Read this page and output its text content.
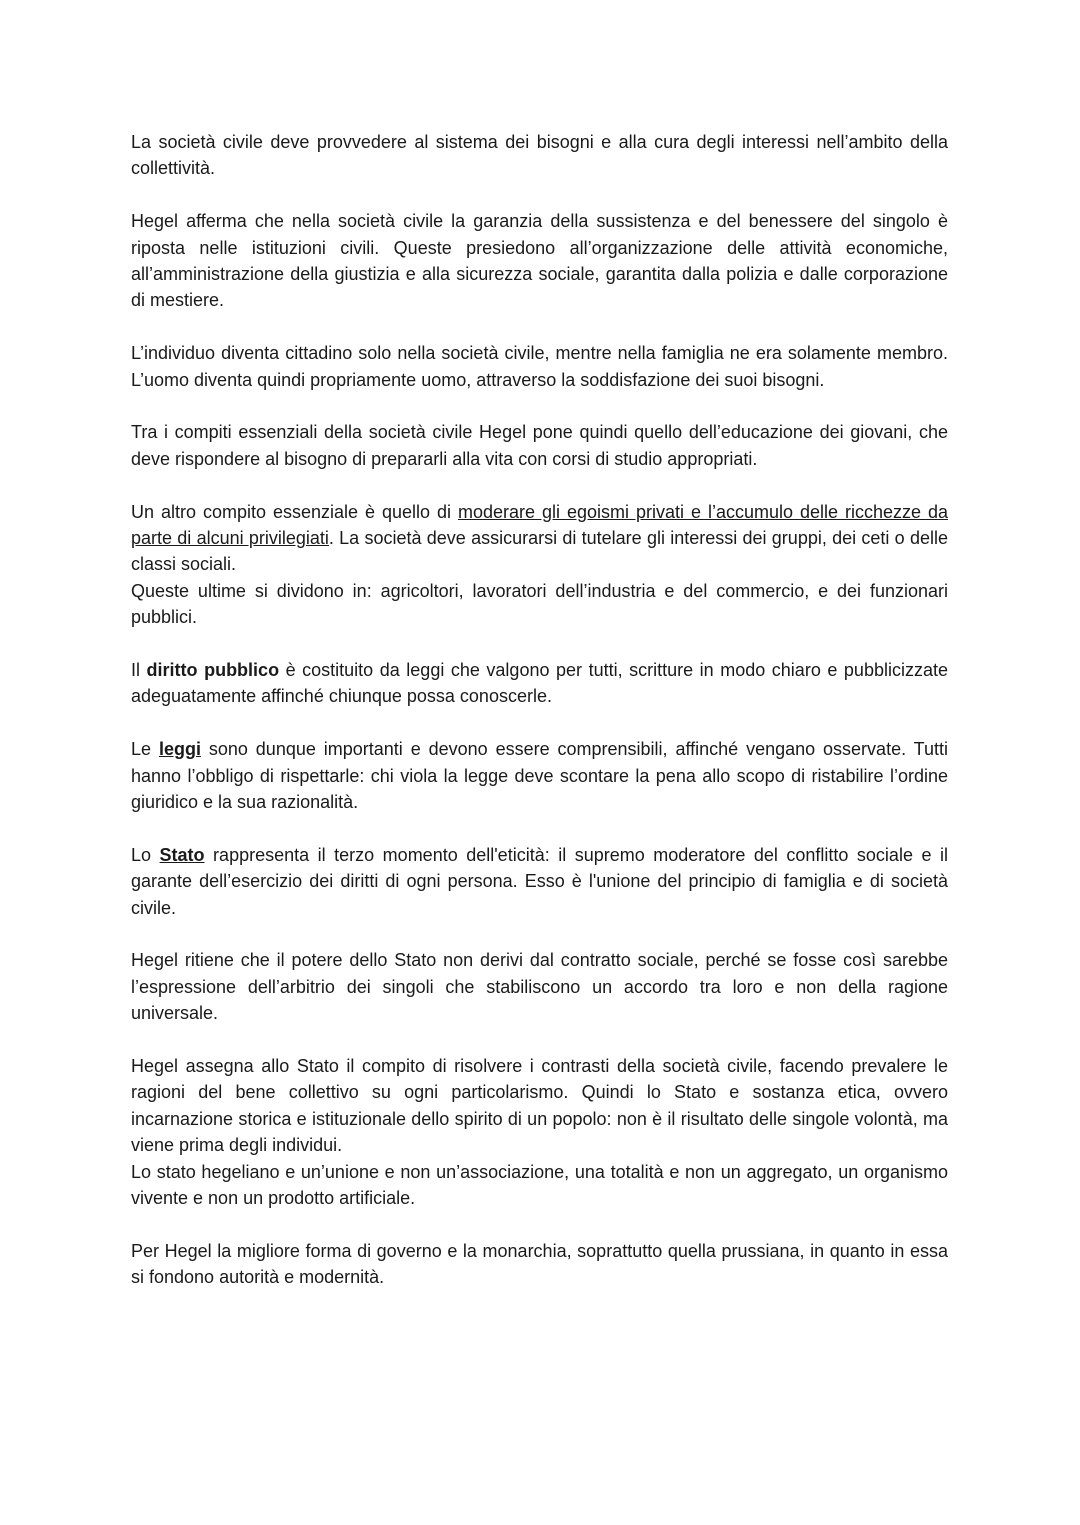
La società civile deve provvedere al sistema dei bisogni e alla cura degli interessi nell’ambito della collettività.

Hegel afferma che nella società civile la garanzia della sussistenza e del benessere del singolo è riposta nelle istituzioni civili. Queste presiedono all’organizzazione delle attività economiche, all’amministrazione della giustizia e alla sicurezza sociale, garantita dalla polizia e dalle corporazione di mestiere.

L’individuo diventa cittadino solo nella società civile, mentre nella famiglia ne era solamente membro. L’uomo diventa quindi propriamente uomo, attraverso la soddisfazione dei suoi bisogni.

Tra i compiti essenziali della società civile Hegel pone quindi quello dell’educazione dei giovani, che deve rispondere al bisogno di prepararli alla vita con corsi di studio appropriati.

Un altro compito essenziale è quello di moderare gli egoismi privati e l’accumulo delle ricchezze da parte di alcuni privilegiati. La società deve assicurarsi di tutelare gli interessi dei gruppi, dei ceti o delle classi sociali.

Queste ultime si dividono in: agricoltori, lavoratori dell’industria e del commercio, e dei funzionari pubblici.

Il diritto pubblico è costituito da leggi che valgono per tutti, scritture in modo chiaro e pubblicizzate adeguatamente affinché chiunque possa conoscerle.

Le leggi sono dunque importanti e devono essere comprensibili, affinché vengano osservate. Tutti hanno l’obbligo di rispettarle: chi viola la legge deve scontare la pena allo scopo di ristabilire l’ordine giuridico e la sua razionalità.

Lo Stato rappresenta il terzo momento dell'eticità: il supremo moderatore del conflitto sociale e il garante dell’esercizio dei diritti di ogni persona. Esso è l'unione del principio di famiglia e di società civile.

Hegel ritiene che il potere dello Stato non derivi dal contratto sociale, perché se fosse così sarebbe l’espressione dell’arbitrio dei singoli che stabiliscono un accordo tra loro e non della ragione universale.

Hegel assegna allo Stato il compito di risolvere i contrasti della società civile, facendo prevalere le ragioni del bene collettivo su ogni particolarismo. Quindi lo Stato e sostanza etica, ovvero incarnazione storica e istituzionale dello spirito di un popolo: non è il risultato delle singole volontà, ma viene prima degli individui.

Lo stato hegeliano e un’unione e non un’associazione, una totalità e non un aggregato, un organismo vivente e non un prodotto artificiale.

Per Hegel la migliore forma di governo e la monarchia, soprattutto quella prussiana, in quanto in essa si fondono autorità e modernità.
